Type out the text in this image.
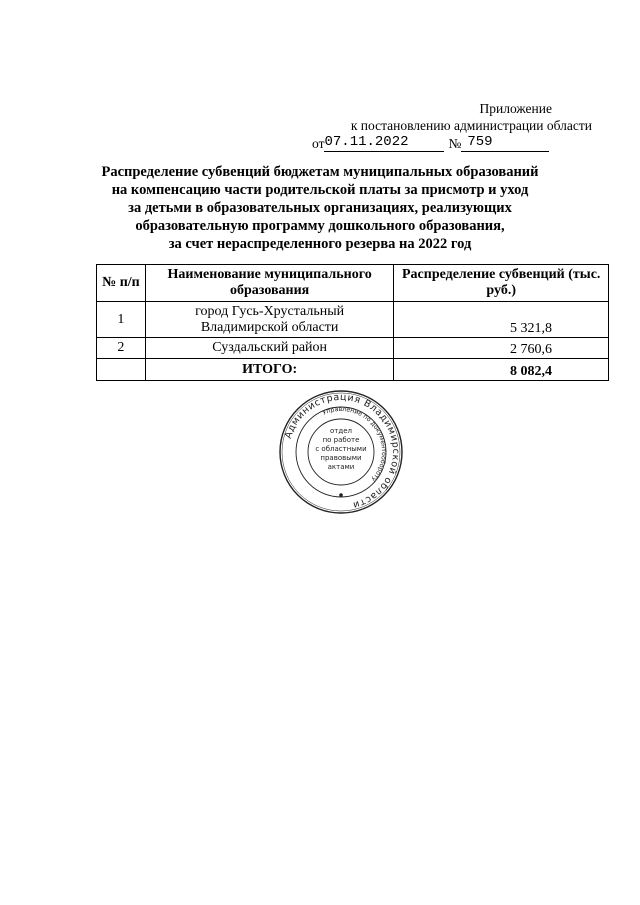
Приложение
к постановлению администрации области
от 07.11.2022	№ 759
Распределение субвенций бюджетам муниципальных образований
на компенсацию части родительской платы за присмотр и уход
за детьми в образовательных организациях, реализующих
образовательную программу дошкольного образования,
за счет нераспределенного резерва на 2022 год
№ п/п	Наименование муниципального образования	Распределение субвенций (тыс. руб.)
1	город Гусь-Хрустальный Владимирской области	5 321,8
2	Суздальский район	2 760,6
	ИТОГО:	8 082,4
Администрация Владимирской области
Управление по документообороту
отдел
по работе
с областными
правовыми
актами
